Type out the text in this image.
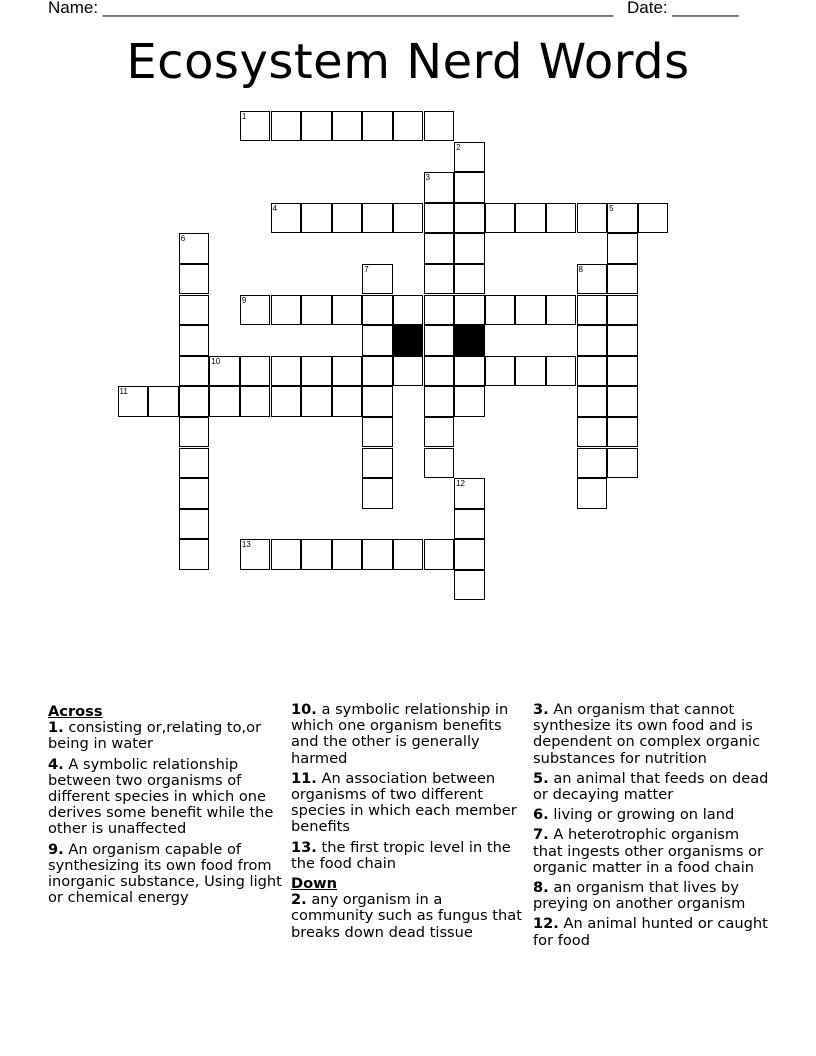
Name: ______________________________________________________ Date: _______
Ecosystem Nerd Words
1
2
3
4	5
6
7	8
9
10
11
12
13
Across
1. consisting or,relating to,or being in water
4. A symbolic relationship between two organisms of different species in which one derives some benefit while the other is unaffected
9. An organism capable of synthesizing its own food from inorganic substance, Using light or chemical energy
10. a symbolic relationship in which one organism benefits and the other is generally harmed
11. An association between organisms of two different species in which each member benefits
13. the first tropic level in the the food chain
Down
2. any organism in a community such as fungus that breaks down dead tissue
3. An organism that cannot synthesize its own food and is dependent on complex organic substances for nutrition
5. an animal that feeds on dead or decaying matter
6. living or growing on land
7. A heterotrophic organism that ingests other organisms or organic matter in a food chain
8. an organism that lives by preying on another organism
12. An animal hunted or caught for food
